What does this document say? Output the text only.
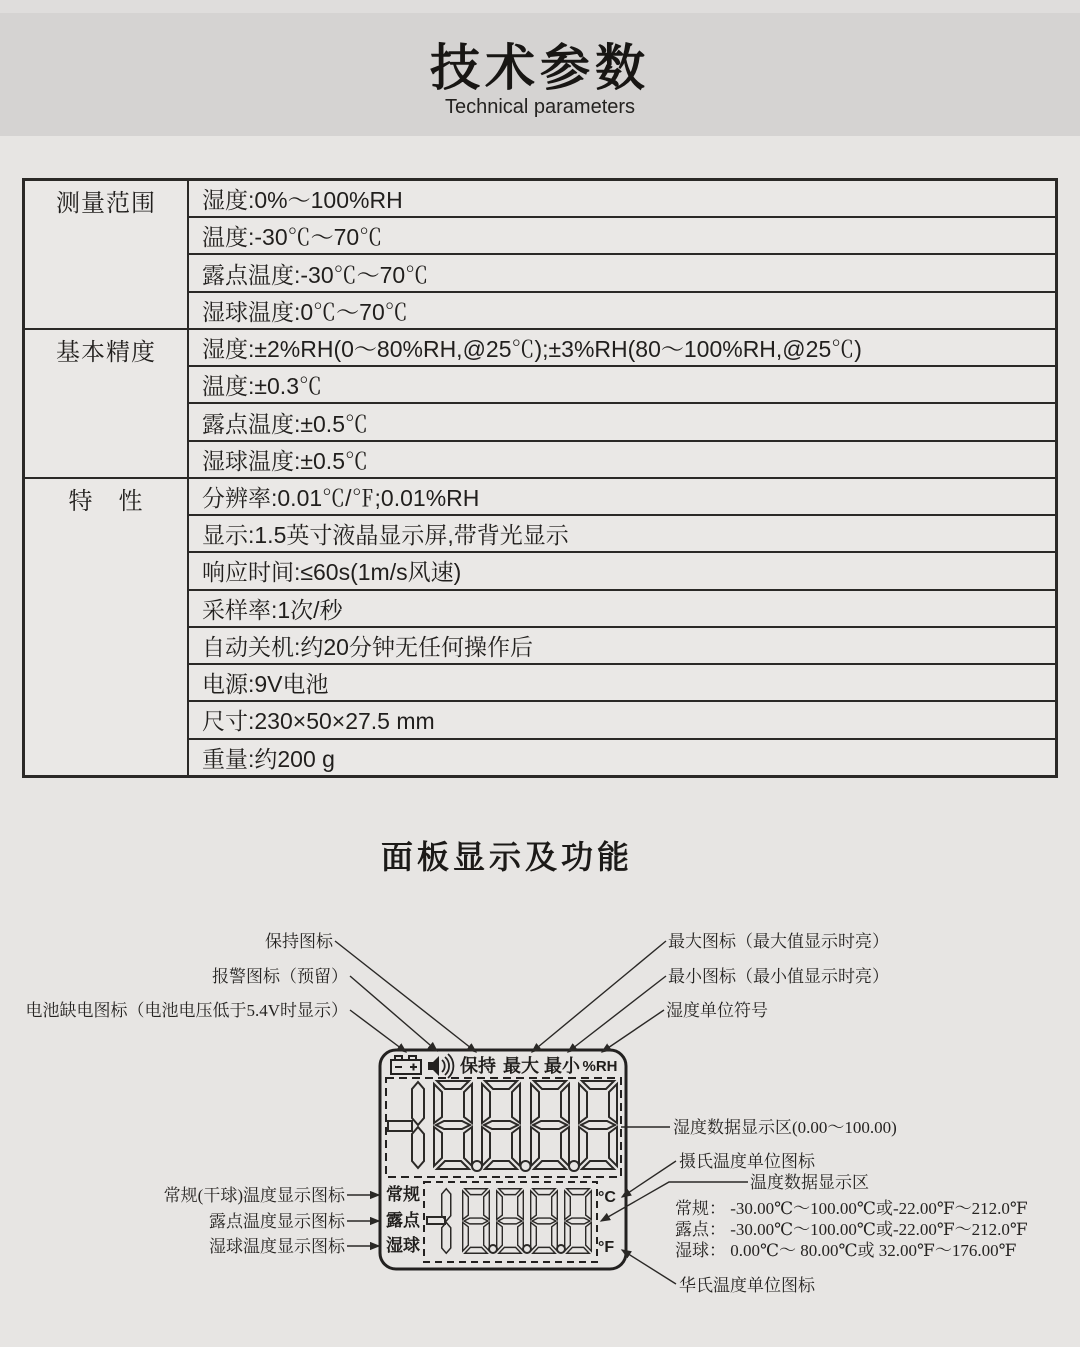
技术参数
Technical parameters
测量范围	湿度:0%～100%RH
	温度:-30℃～70℃
	露点温度:-30℃～70℃
	湿球温度:0℃～70℃
基本精度	湿度:±2%RH(0～80%RH,@25℃);±3%RH(80～100%RH,@25℃)
	温度:±0.3℃
	露点温度:±0.5℃
	湿球温度:±0.5℃
特　性	分辨率:0.01℃/℉;0.01%RH
	显示:1.5英寸液晶显示屏,带背光显示
	响应时间:≤60s(1m/s风速)
	采样率:1次/秒
	自动关机:约20分钟无任何操作后
	电源:9V电池
	尺寸:230×50×27.5 mm
	重量:约200 g
面板显示及功能
保持 最大 最小 %RH
常规
露点
湿球
°C
°F
保持图标
报警图标（预留）
电池缺电图标（电池电压低于5.4V时显示）
最大图标（最大值显示时亮）
最小图标（最小值显示时亮）
湿度单位符号
湿度数据显示区(0.00～100.00)
摄氏温度单位图标
温度数据显示区
常规： -30.00℃～100.00℃或-22.00℉～212.0℉
露点： -30.00℃～100.00℃或-22.00℉～212.0℉
湿球： 0.00℃～ 80.00℃或 32.00℉～176.00℉
华氏温度单位图标
常规(干球)温度显示图标
露点温度显示图标
湿球温度显示图标
